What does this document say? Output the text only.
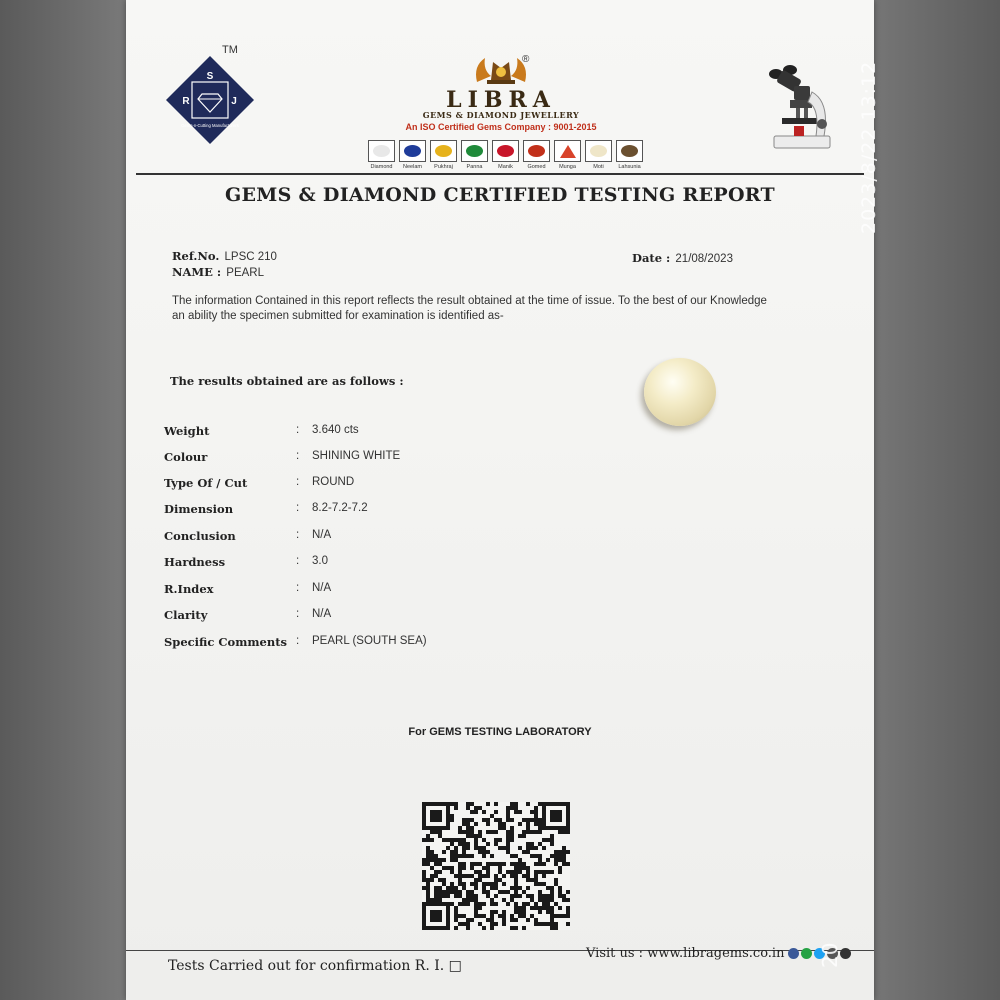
TM
S
R	J
Gems-n-Cutting Manufacturers
LIBRA
GEMS & DIAMOND JEWELLERY
An ISO Certified Gems Company : 9001-2015
®
Diamond	Neelam	Pukhraj	Panna	Manik	Gomed	Munga	Moti	Lahsunia
GEMS & DIAMOND CERTIFIED TESTING REPORT
Ref.No. LPSC 210
NAME : PEARL
Date : 21/08/2023
The information Contained in this report reflects the result obtained at the time of issue. To the best of our Knowledge an ability the specimen submitted for examination is identified as-
The results obtained are as follows :
Weight	: 3.640 cts
Colour	: SHINING WHITE
Type Of / Cut	: ROUND
Dimension	: 8.2-7.2-7.2
Conclusion	: N/A
Hardness	: 3.0
R.Index	: N/A
Clarity	: N/A
Specific Comments : PEARL (SOUTH SEA)
For GEMS TESTING LABORATORY
Tests Carried out for confirmation R. I. □
Visit us : www.libragems.co.in
2023/8/22 13:12
20
